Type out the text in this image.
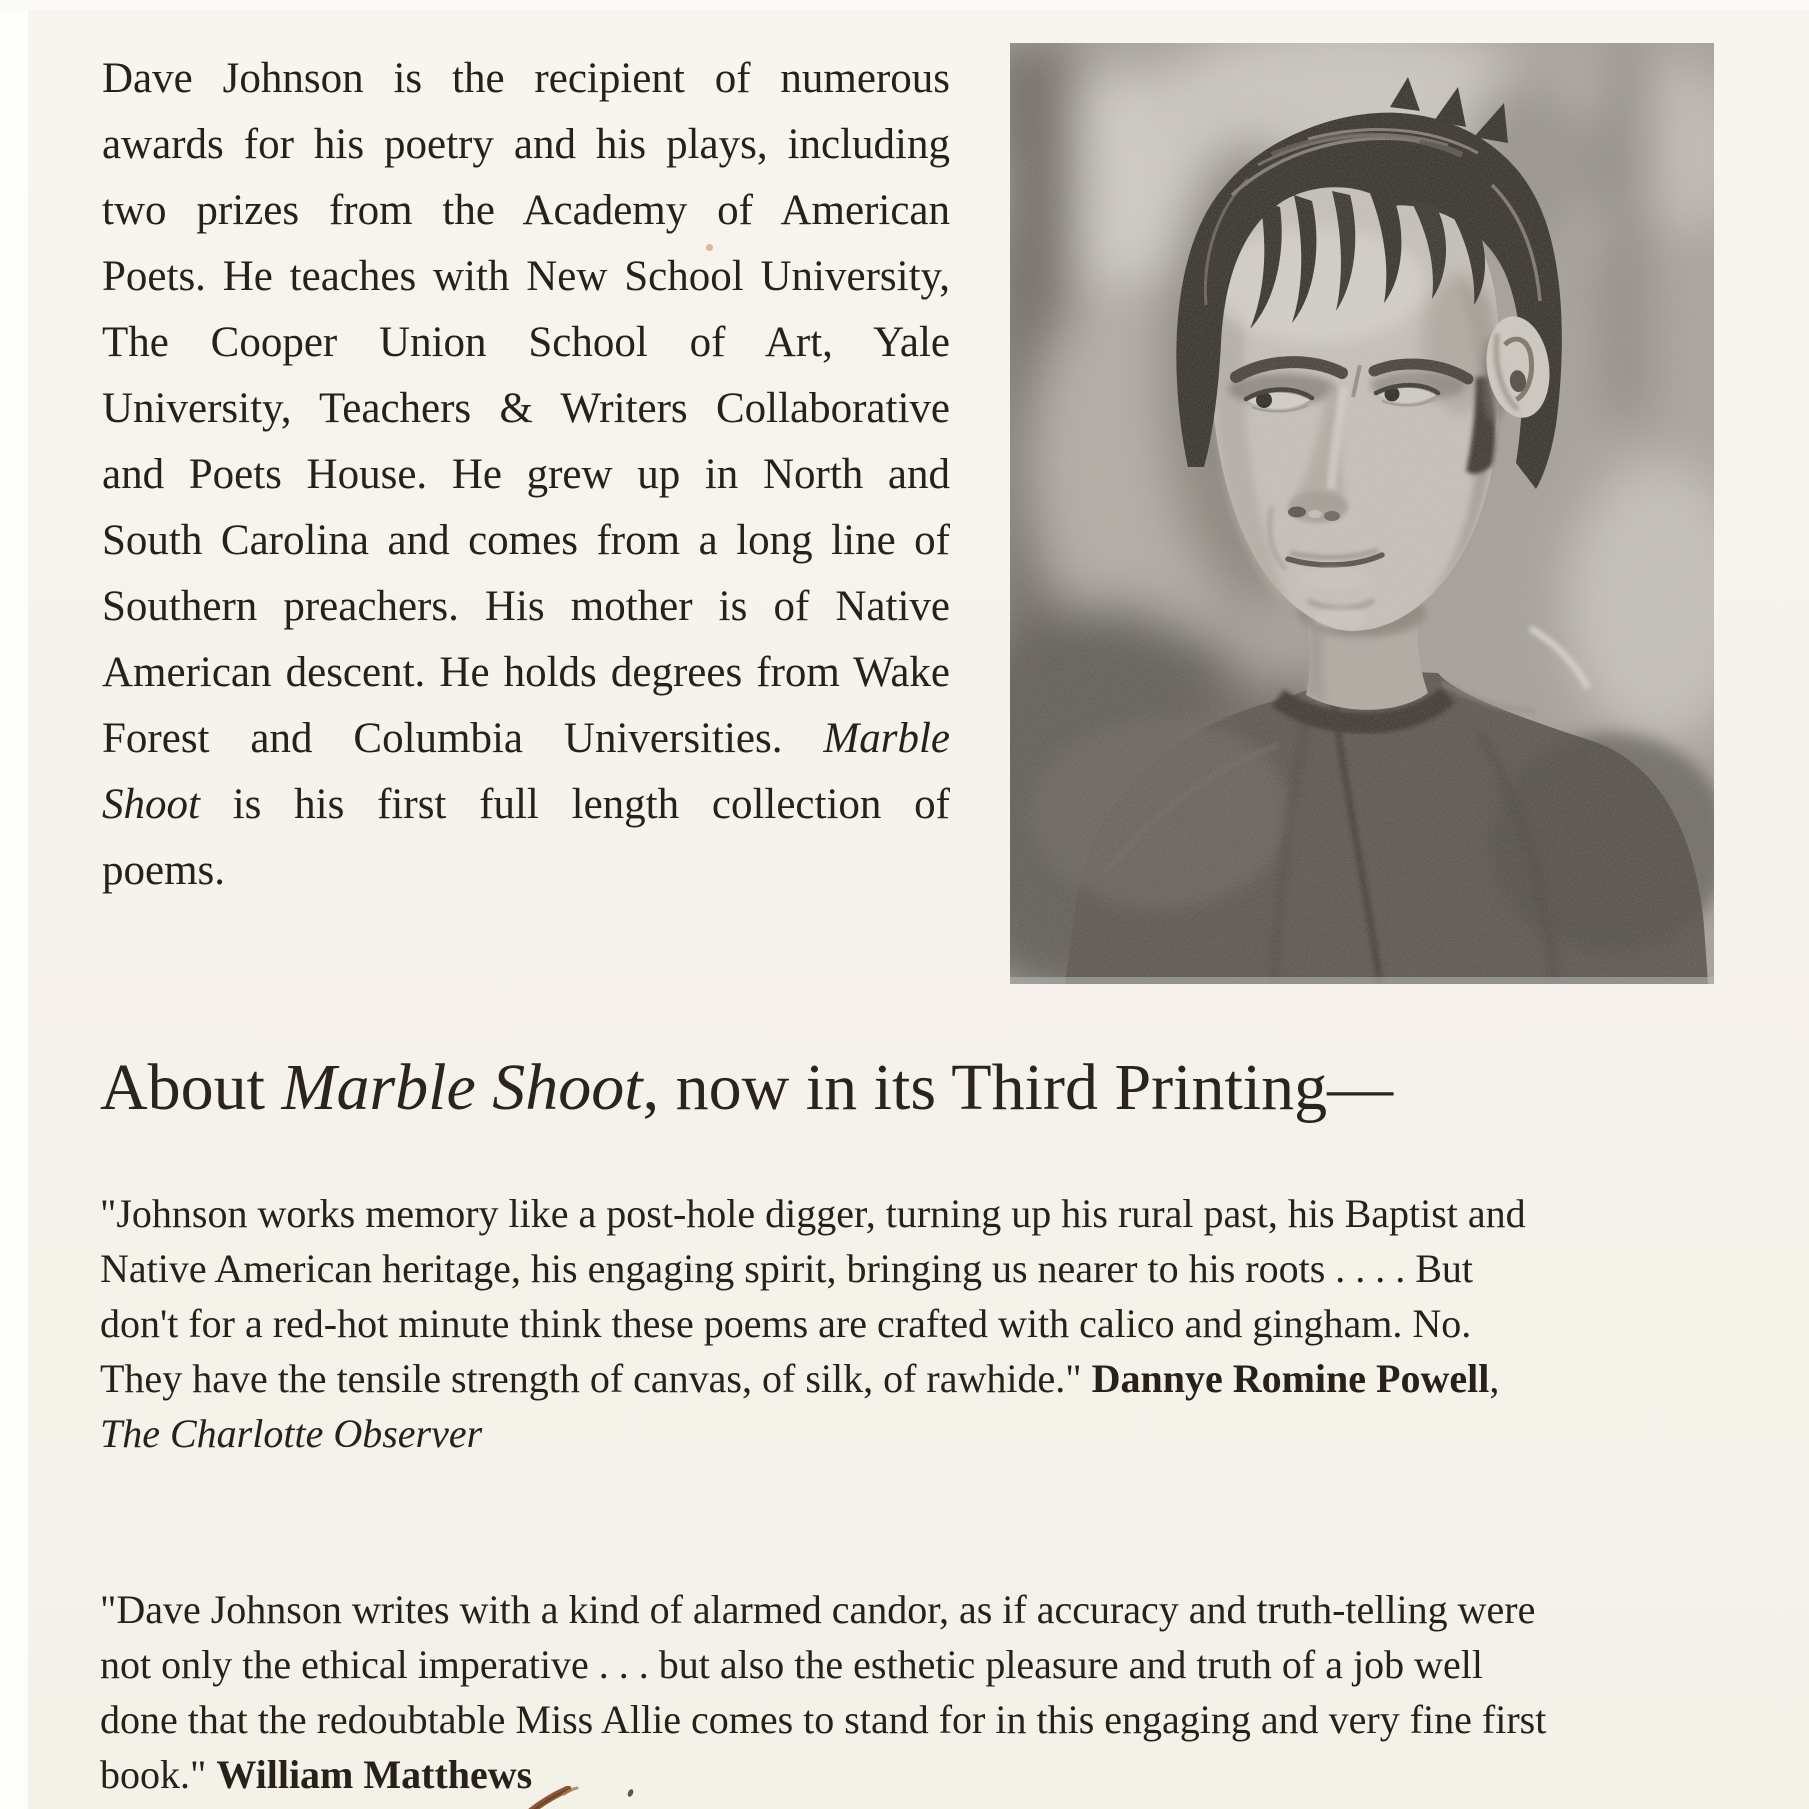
Dave Johnson is the recipient of numerous awards for his poetry and his plays, including two prizes from the Academy of American Poets. He teaches with New School University, The Cooper Union School of Art, Yale University, Teachers & Writers Collaborative and Poets House. He grew up in North and South Carolina and comes from a long line of Southern preachers. His mother is of Native American descent. He holds degrees from Wake Forest and Columbia Universities. Marble Shoot is his first full length collection of poems.
About Marble Shoot, now in its Third Printing—

"Johnson works memory like a post-hole digger, turning up his rural past, his Baptist and Native American heritage, his engaging spirit, bringing us nearer to his roots . . . . But don't for a red-hot minute think these poems are crafted with calico and gingham. No. They have the tensile strength of canvas, of silk, of rawhide." Dannye Romine Powell, The Charlotte Observer

"Dave Johnson writes with a kind of alarmed candor, as if accuracy and truth-telling were not only the ethical imperative . . . but also the esthetic pleasure and truth of a job well done that the redoubtable Miss Allie comes to stand for in this engaging and very fine first book." William Matthews
